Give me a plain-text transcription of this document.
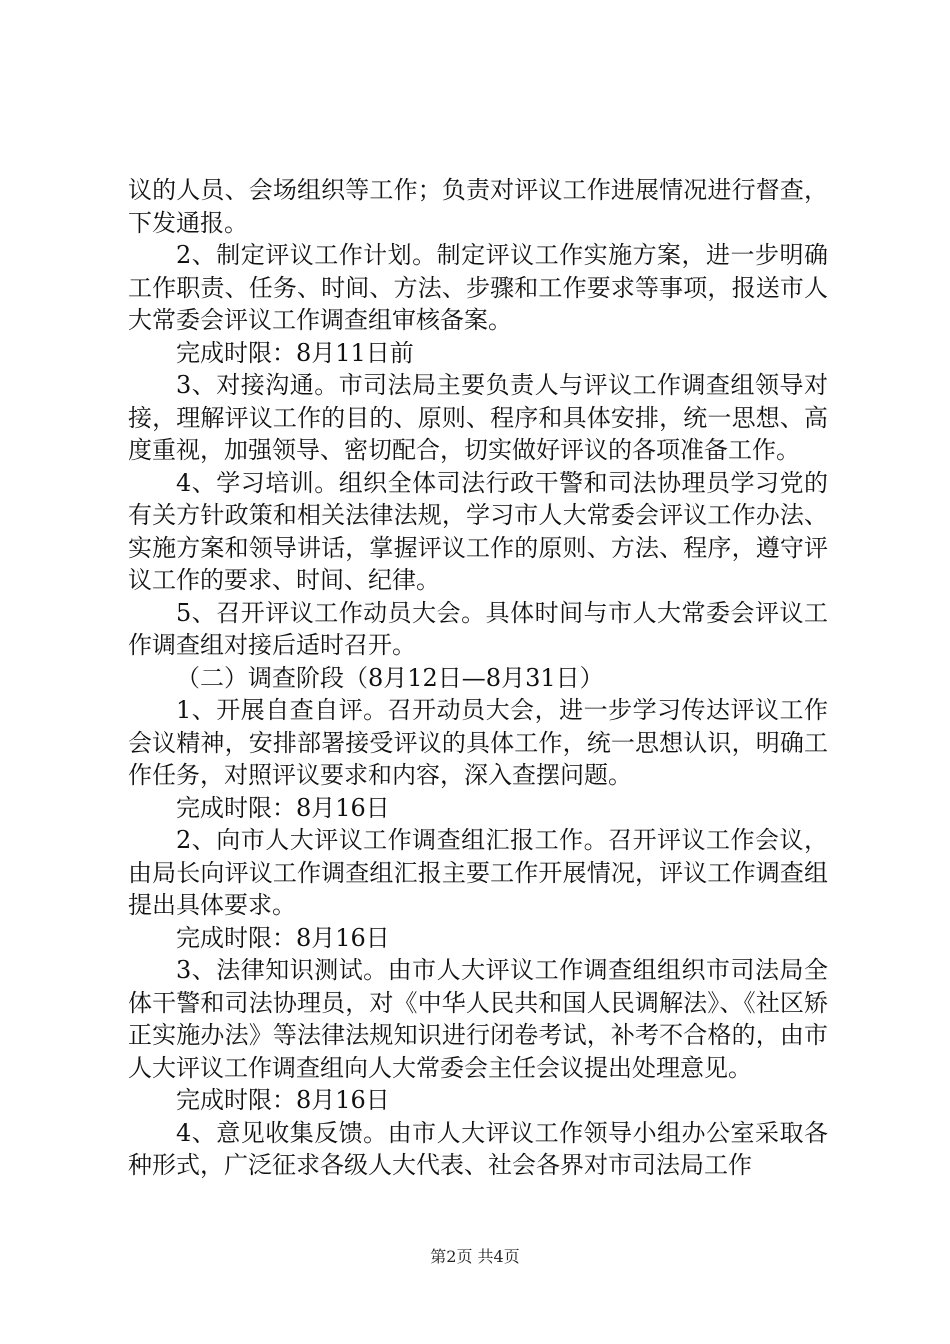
议的人员、会场组织等工作；负责对评议工作进展情况进行督查，下发通报。

2、制定评议工作计划。制定评议工作实施方案，进一步明确工作职责、任务、时间、方法、步骤和工作要求等事项，报送市人大常委会评议工作调查组审核备案。

完成时限：8月11日前

3、对接沟通。市司法局主要负责人与评议工作调查组领导对接，理解评议工作的目的、原则、程序和具体安排，统一思想、高度重视，加强领导、密切配合，切实做好评议的各项准备工作。

4、学习培训。组织全体司法行政干警和司法协理员学习党的有关方针政策和相关法律法规，学习市人大常委会评议工作办法、实施方案和领导讲话，掌握评议工作的原则、方法、程序，遵守评议工作的要求、时间、纪律。

5、召开评议工作动员大会。具体时间与市人大常委会评议工作调查组对接后适时召开。

（二）调查阶段（8月12日—8月31日）

1、开展自查自评。召开动员大会，进一步学习传达评议工作会议精神，安排部署接受评议的具体工作，统一思想认识，明确工作任务，对照评议要求和内容，深入查摆问题。

完成时限：8月16日

2、向市人大评议工作调查组汇报工作。召开评议工作会议，由局长向评议工作调查组汇报主要工作开展情况，评议工作调查组提出具体要求。

完成时限：8月16日

3、法律知识测试。由市人大评议工作调查组组织市司法局全体干警和司法协理员，对《中华人民共和国人民调解法》、《社区矫正实施办法》等法律法规知识进行闭卷考试，补考不合格的，由市人大评议工作调查组向人大常委会主任会议提出处理意见。

完成时限：8月16日

4、意见收集反馈。由市人大评议工作领导小组办公室采取各种形式，广泛征求各级人大代表、社会各界对市司法局工作

第2页 共4页
